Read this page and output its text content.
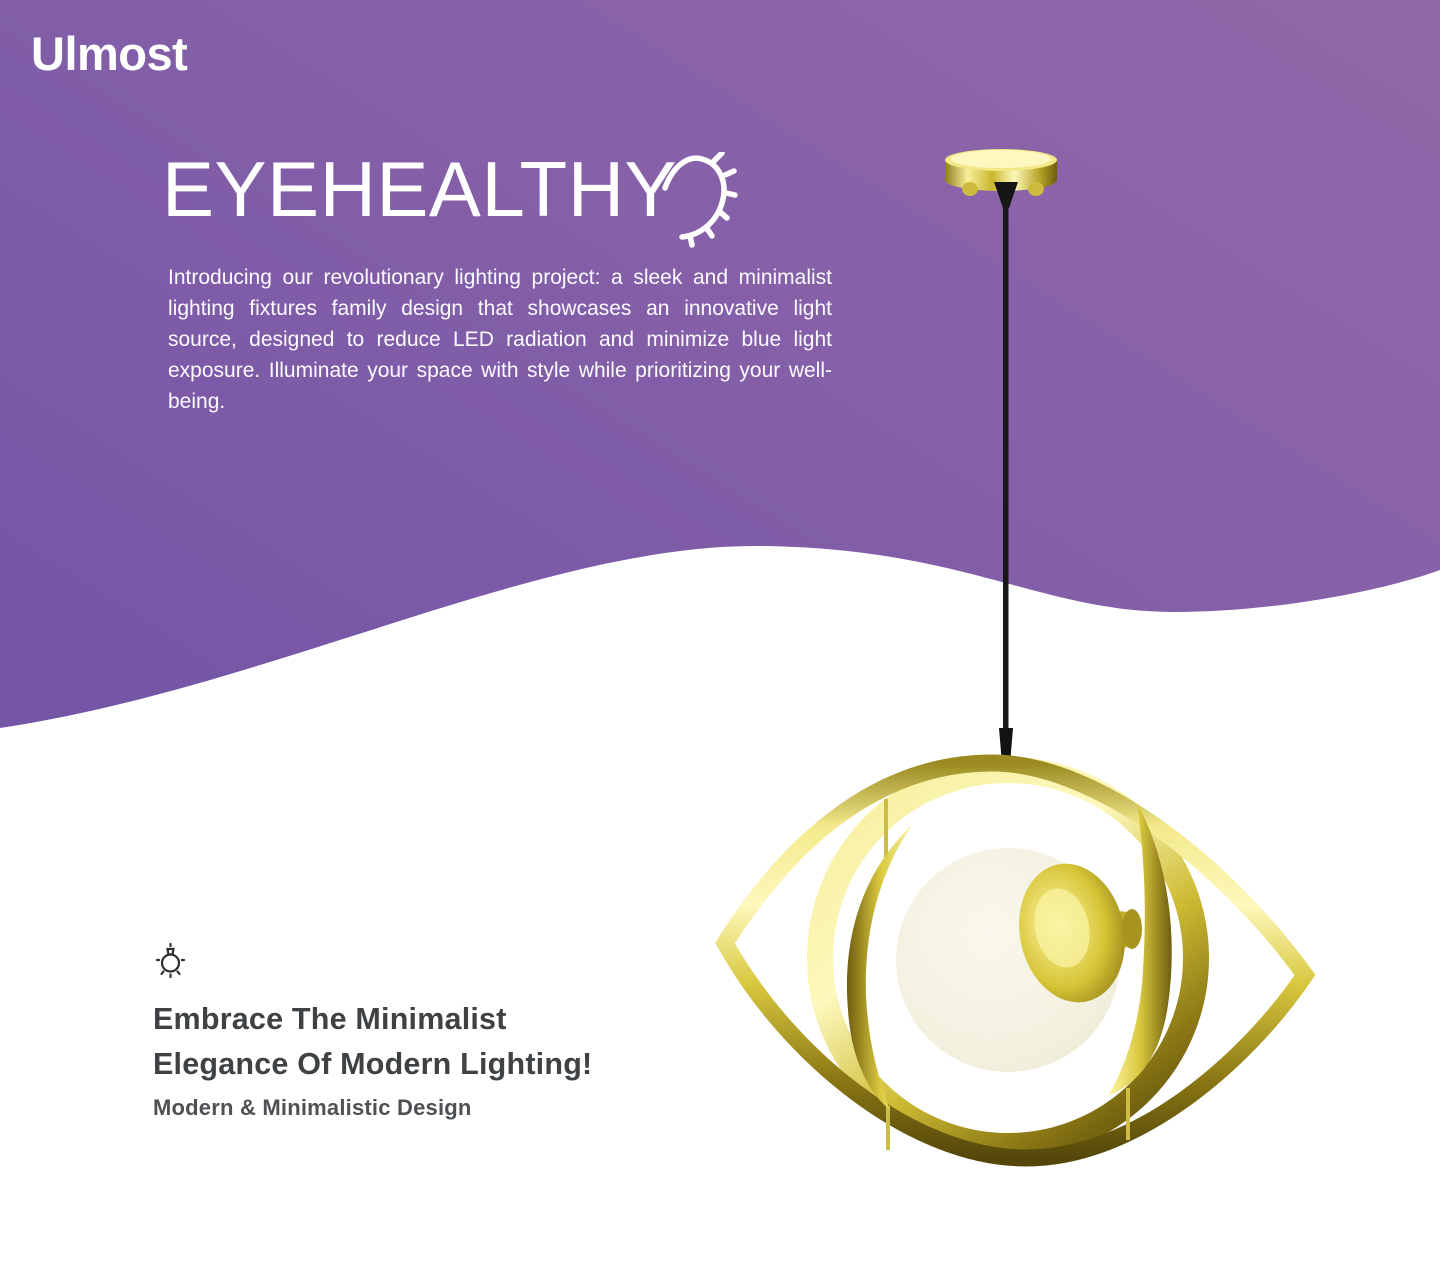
Ulmost
EYEHEALTHY

Introducing our revolutionary lighting project: a sleek and minimalist lighting fixtures family design that showcases an innovative light source, designed to reduce LED radiation and minimize blue light exposure. Illuminate your space with style while prioritizing your well-being.

Embrace The Minimalist
Elegance Of Modern Lighting!

Modern & Minimalistic Design
